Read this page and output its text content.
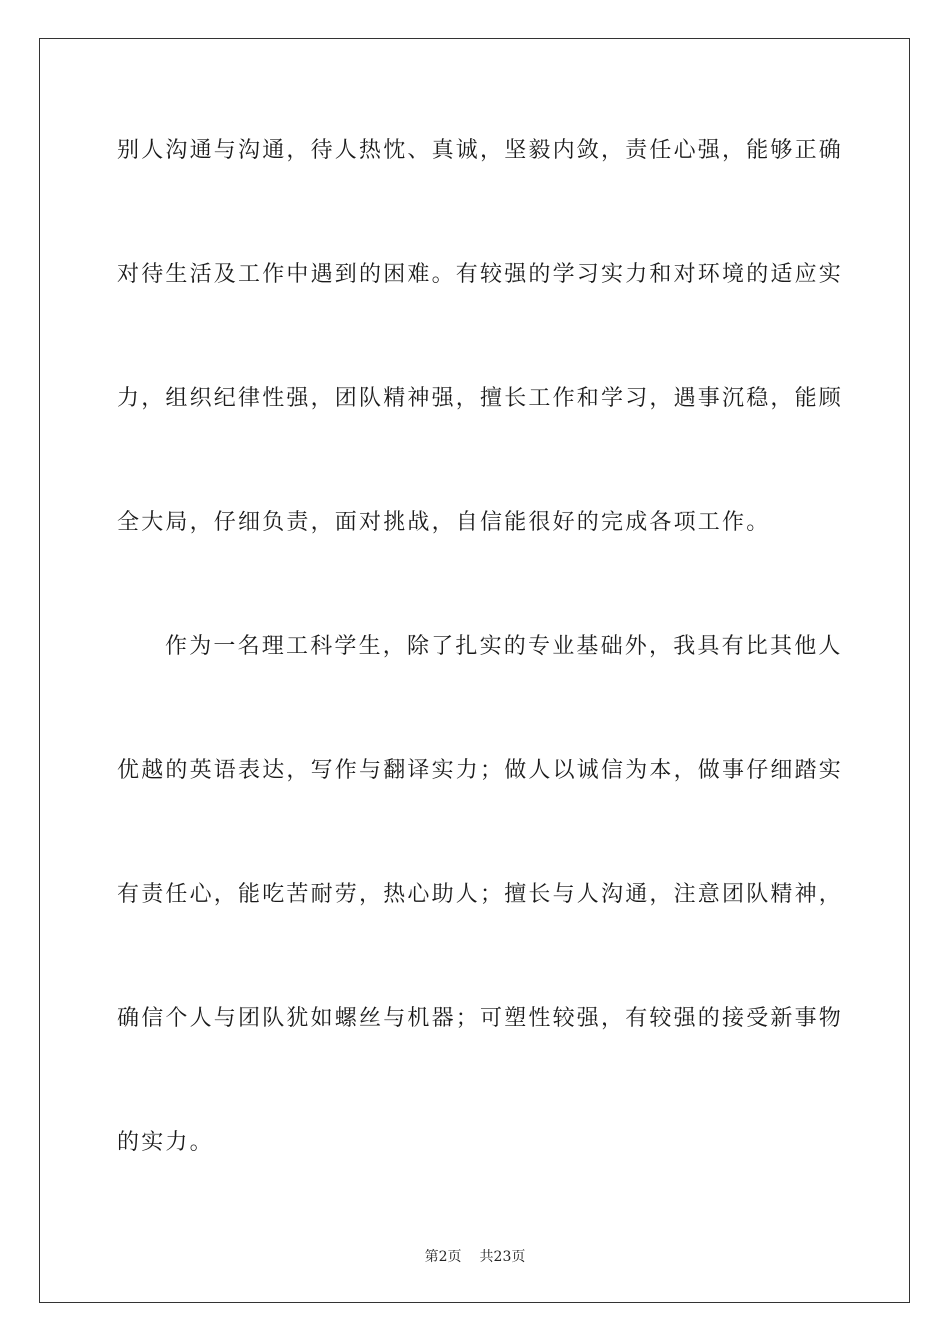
别人沟通与沟通，待人热忱、真诚，坚毅内敛，责任心强，能够正确
对待生活及工作中遇到的困难。有较强的学习实力和对环境的适应实
力，组织纪律性强，团队精神强，擅长工作和学习，遇事沉稳，能顾
全大局，仔细负责，面对挑战，自信能很好的完成各项工作。
作为一名理工科学生，除了扎实的专业基础外，我具有比其他人
优越的英语表达，写作与翻译实力；做人以诚信为本，做事仔细踏实
有责任心，能吃苦耐劳，热心助人；擅长与人沟通，注意团队精神，
确信个人与团队犹如螺丝与机器；可塑性较强，有较强的接受新事物
的实力。
第2页 共23页
